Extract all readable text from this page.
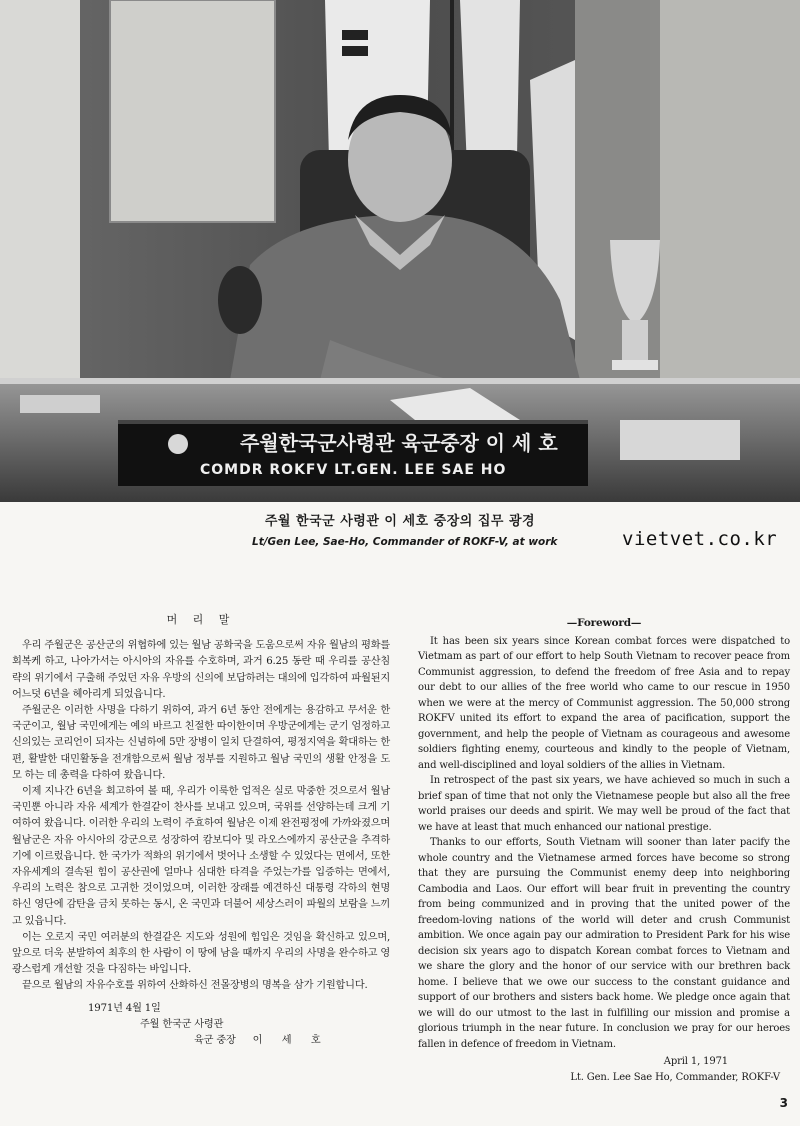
주월한국군사령관 육군중장 이 세 호
COMDR ROKFV LT.GEN. LEE SAE HO
주월 한국군 사령관 이 세호 중장의 집무 광경
Lt/Gen Lee, Sae-Ho, Commander of ROKF-V, at work	vietvet.co.kr
머 리 말

우리 주월군은 공산군의 위협하에 있는 월남 공화국을 도움으로써 자유 월남의 평화를 회복케 하고, 나아가서는 아시아의 자유를 수호하며, 과거 6.25 동란 때 우리를 공산침략의 위기에서 구출해 주었던 자유 우방의 신의에 보답하려는 대의에 입각하여 파월된지 어느덧 6년을 헤아리게 되었읍니다.

주월군은 이러한 사명을 다하기 위하여, 과거 6년 동안 전에게는 용감하고 무서운 한국군이고, 월남 국민에게는 예의 바르고 친절한 따이한이며 우방군에게는 군기 엄정하고 신의있는 코리언이 되자는 신념하에 5만 장병이 일치 단결하여, 평정지역을 확대하는 한편, 활발한 대민활동을 전개함으로써 월남 정부를 지원하고 월남 국민의 생활 안정을 도모 하는 데 총력을 다하여 왔읍니다.

이제 지나간 6년을 회고하여 볼 때, 우리가 이룩한 업적은 실로 막중한 것으로서 월남 국민뿐 아니라 자유 세계가 한결같이 찬사를 보내고 있으며, 국위를 선양하는데 크게 기여하여 왔읍니다. 이러한 우리의 노력이 주효하여 월남은 이제 완전평정에 가까와졌으며 월남군은 자유 아시아의 강군으로 성장하여 캄보디아 및 라오스에까지 공산군을 추격하기에 이르렀읍니다. 한 국가가 적화의 위기에서 벗어나 소생할 수 있었다는 면에서, 또한 자유세계의 결속된 힘이 공산권에 얼마나 심대한 타격을 주었는가를 입증하는 면에서, 우리의 노력은 참으로 고귀한 것이었으며, 이러한 장래를 예견하신 대통령 각하의 현명하신 영단에 감탄을 금치 못하는 동시, 온 국민과 더불어 세상스러이 파월의 보람을 느끼고 있읍니다.

이는 오로지 국민 여러분의 한결같은 지도와 성원에 힘입은 것임을 확신하고 있으며, 앞으로 더욱 분발하여 최후의 한 사람이 이 땅에 남을 때까지 우리의 사명을 완수하고 영광스럽게 개선할 것을 다짐하는 바입니다.

끝으로 월남의 자유수호를 위하여 산화하신 전몰장병의 명복을 삼가 기원합니다.

1971년 4월 1일
주월 한국군 사령관
육군 중장 이 세 호
—Foreword—

It has been six years since Korean combat forces were dispatched to Vietmam as part of our effort to help South Vietnam to recover peace from Communist aggression, to defend the freedom of free Asia and to repay our debt to our allies of the free world who came to our rescue in 1950 when we were at the mercy of Communist aggression. The 50,000 strong ROKFV united its effort to expand the area of pacification, support the government, and help the people of Vietnam as courageous and awesome soldiers fighting enemy, courteous and kindly to the people of Vietnam, and well-disciplined and loyal soldiers of the allies in Vietnam.

In retrospect of the past six years, we have achieved so much in such a brief span of time that not only the Vietnamese people but also all the free world praises our deeds and spirit. We may well be proud of the fact that we have at least that much enhanced our national prestige.

Thanks to our efforts, South Vietnam will sooner than later pacify the whole country and the Vietnamese armed forces have become so strong that they are pursuing the Communist enemy deep into neighboring Cambodia and Laos. Our effort will bear fruit in preventing the country from being communized and in proving that the united power of the freedom-loving nations of the world will deter and crush Communist ambition. We once again pay our admiration to President Park for his wise decision six years ago to dispatch Korean combat forces to Vietnam and we share the glory and the honor of our service with our brethren back home. I believe that we owe our success to the constant guidance and support of our brothers and sisters back home. We pledge once again that we will do our utmost to the last in fulfilling our mission and promise a glorious triumph in the near future. In conclusion we pray for our heroes fallen in defence of freedom in Vietnam.

April 1, 1971
Lt. Gen. Lee Sae Ho, Commander, ROKF-V
3
